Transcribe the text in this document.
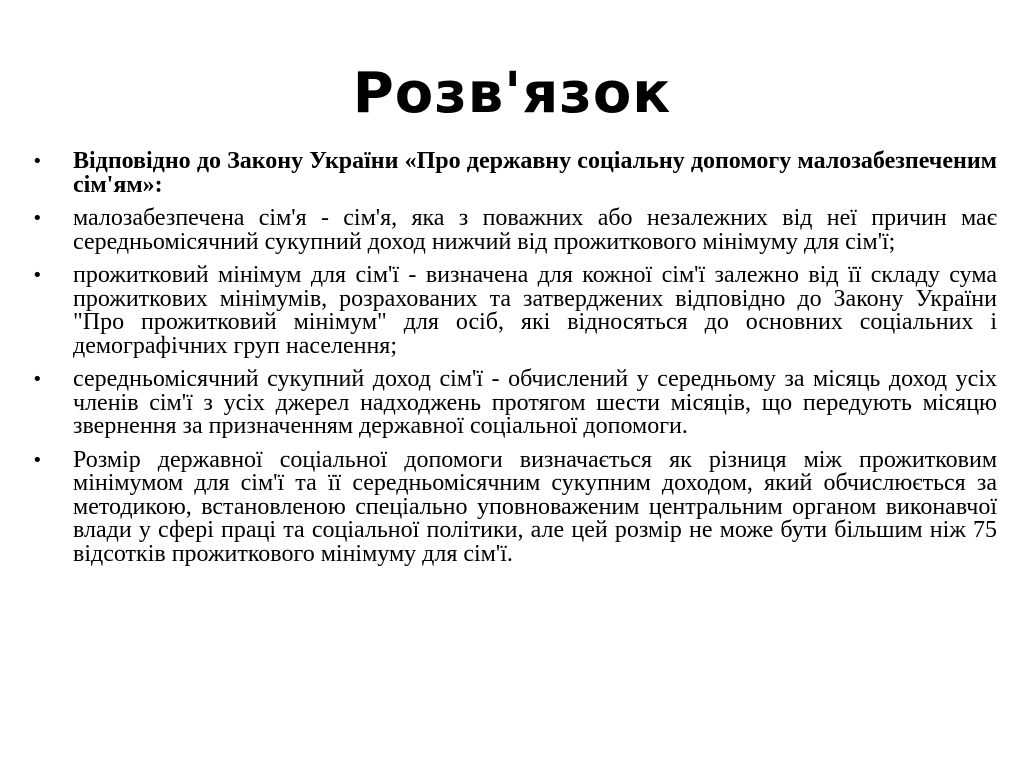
Розв'язок
•	Відповідно до Закону України «Про державну соціальну допомогу малозабезпеченим сім'ям»:
•	малозабезпечена сім'я - сім'я, яка з поважних або незалежних від неї причин має середньомісячний сукупний доход нижчий від прожиткового мінімуму для сім'ї;
•	прожитковий мінімум для сім'ї - визначена для кожної сім'ї залежно від її складу сума прожиткових мінімумів, розрахованих та затверджених відповідно до Закону України "Про прожитковий мінімум" для осіб, які відносяться до основних соціальних і демографічних груп населення;
•	середньомісячний сукупний доход сім'ї - обчислений у середньому за місяць доход усіх членів сім'ї з усіх джерел надходжень протягом шести місяців, що передують місяцю звернення за призначенням державної соціальної допомоги.
•	Розмір державної соціальної допомоги визначається як різниця між прожитковим мінімумом для сім'ї та її середньомісячним сукупним доходом, який обчислюється за методикою, встановленою спеціально уповноваженим центральним органом виконавчої влади у сфері праці та соціальної політики, але цей розмір не може бути більшим ніж 75 відсотків прожиткового мінімуму для сім'ї.
